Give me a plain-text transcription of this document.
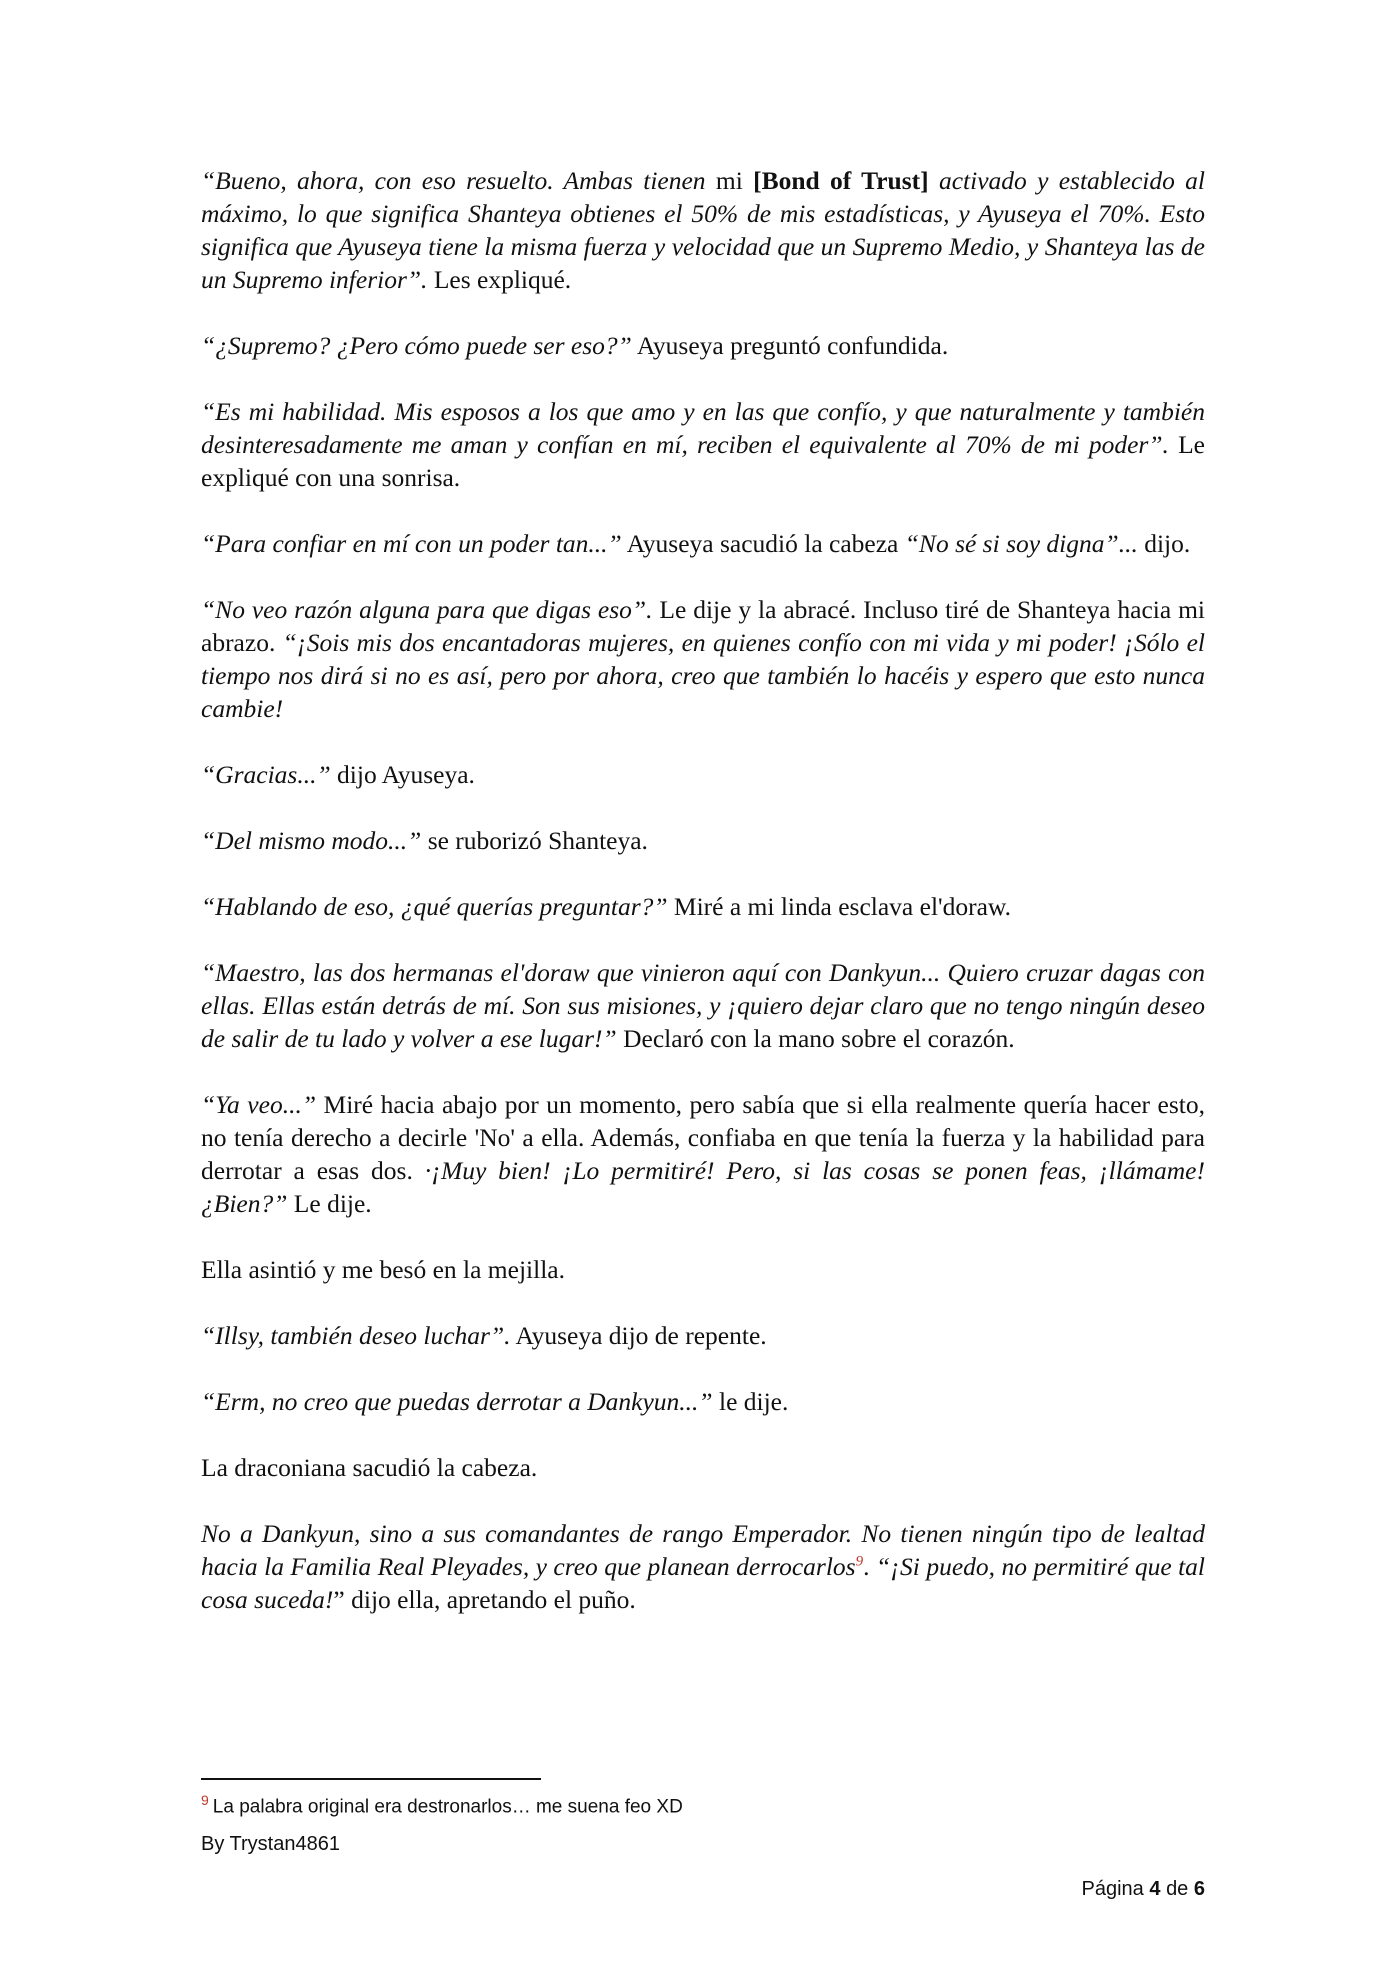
“Bueno, ahora, con eso resuelto. Ambas tienen mi [Bond of Trust] activado y establecido al máximo, lo que significa Shanteya obtienes el 50% de mis estadísticas, y Ayuseya el 70%. Esto significa que Ayuseya tiene la misma fuerza y velocidad que un Supremo Medio, y Shanteya las de un Supremo inferior”. Les expliqué.

“¿Supremo? ¿Pero cómo puede ser eso?” Ayuseya preguntó confundida.

“Es mi habilidad. Mis esposos a los que amo y en las que confío, y que naturalmente y también desinteresadamente me aman y confían en mí, reciben el equivalente al 70% de mi poder”. Le expliqué con una sonrisa.

“Para confiar en mí con un poder tan...” Ayuseya sacudió la cabeza “No sé si soy digna”... dijo.

“No veo razón alguna para que digas eso”. Le dije y la abracé. Incluso tiré de Shanteya hacia mi abrazo. “¡Sois mis dos encantadoras mujeres, en quienes confío con mi vida y mi poder! ¡Sólo el tiempo nos dirá si no es así, pero por ahora, creo que también lo hacéis y espero que esto nunca cambie!

“Gracias...” dijo Ayuseya.

“Del mismo modo...” se ruborizó Shanteya.

“Hablando de eso, ¿qué querías preguntar?” Miré a mi linda esclava el'doraw.

“Maestro, las dos hermanas el'doraw que vinieron aquí con Dankyun... Quiero cruzar dagas con ellas. Ellas están detrás de mí. Son sus misiones, y ¡quiero dejar claro que no tengo ningún deseo de salir de tu lado y volver a ese lugar!” Declaró con la mano sobre el corazón.

“Ya veo...” Miré hacia abajo por un momento, pero sabía que si ella realmente quería hacer esto, no tenía derecho a decirle 'No' a ella. Además, confiaba en que tenía la fuerza y la habilidad para derrotar a esas dos. ·¡Muy bien! ¡Lo permitiré! Pero, si las cosas se ponen feas, ¡llámame! ¿Bien?” Le dije.

Ella asintió y me besó en la mejilla.

“Illsy, también deseo luchar”. Ayuseya dijo de repente.

“Erm, no creo que puedas derrotar a Dankyun...” le dije.

La draconiana sacudió la cabeza.

No a Dankyun, sino a sus comandantes de rango Emperador. No tienen ningún tipo de lealtad hacia la Familia Real Pleyades, y creo que planean derrocarlos$^9$. “¡Si puedo, no permitiré que tal cosa suceda!” dijo ella, apretando el puño.

$^9$ La palabra original era destronarlos… me suena feo XD
By Trystan4861
Página 4 de 6
